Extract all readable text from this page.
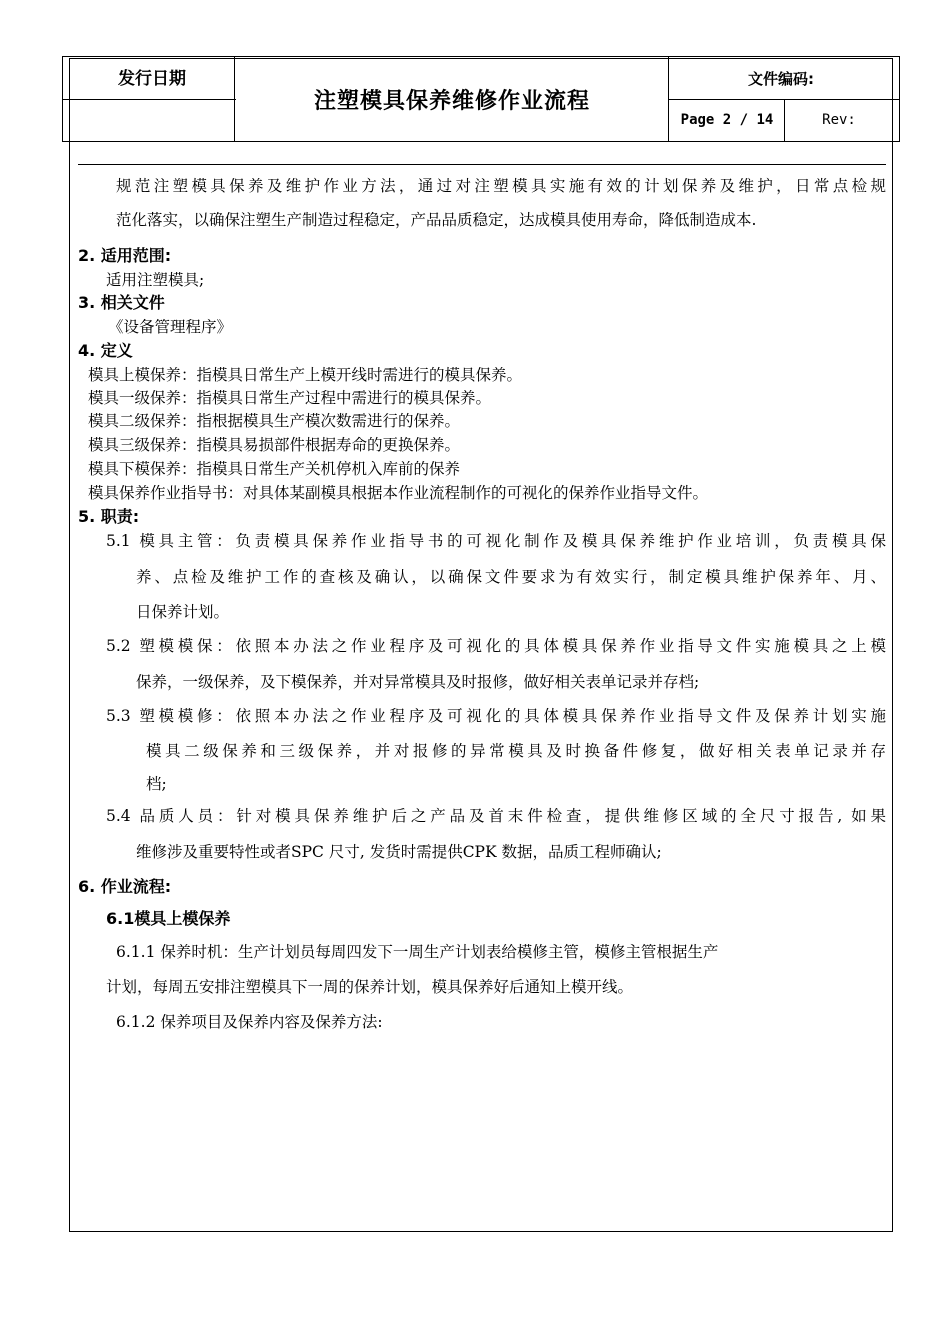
发行日期
注塑模具保养维修作业流程
文件编码:
Page 2 / 14	Rev:
规范注塑模具保养及维护作业方法，通过对注塑模具实施有效的计划保养及维护，日常点检规
范化落实，以确保注塑生产制造过程稳定，产品品质稳定，达成模具使用寿命，降低制造成本.
2. 适用范围:
适用注塑模具;
3. 相关文件
《设备管理程序》
4. 定义
模具上模保养：指模具日常生产上模开线时需进行的模具保养。
模具一级保养：指模具日常生产过程中需进行的模具保养。
模具二级保养：指根据模具生产模次数需进行的保养。
模具三级保养：指模具易损部件根据寿命的更换保养。
模具下模保养：指模具日常生产关机停机入库前的保养
模具保养作业指导书：对具体某副模具根据本作业流程制作的可视化的保养作业指导文件。
5. 职责:
5.1 模具主管：负责模具保养作业指导书的可视化制作及模具保养维护作业培训，负责模具保
养、点检及维护工作的查核及确认，以确保文件要求为有效实行，制定模具维护保养年、月、
日保养计划。
5.2 塑模模保：依照本办法之作业程序及可视化的具体模具保养作业指导文件实施模具之上模
保养，一级保养，及下模保养，并对异常模具及时报修，做好相关表单记录并存档;
5.3 塑模模修：依照本办法之作业程序及可视化的具体模具保养作业指导文件及保养计划实施
模具二级保养和三级保养，并对报修的异常模具及时换备件修复，做好相关表单记录并存
档;
5.4 品质人员：针对模具保养维护后之产品及首末件检查，提供维修区域的全尺寸报告, 如果
维修涉及重要特性或者SPC 尺寸, 发货时需提供CPK 数据，品质工程师确认;
6. 作业流程:
6.1模具上模保养
6.1.1 保养时机：生产计划员每周四发下一周生产计划表给模修主管，模修主管根据生产
计划，每周五安排注塑模具下一周的保养计划，模具保养好后通知上模开线。
6.1.2 保养项目及保养内容及保养方法:
